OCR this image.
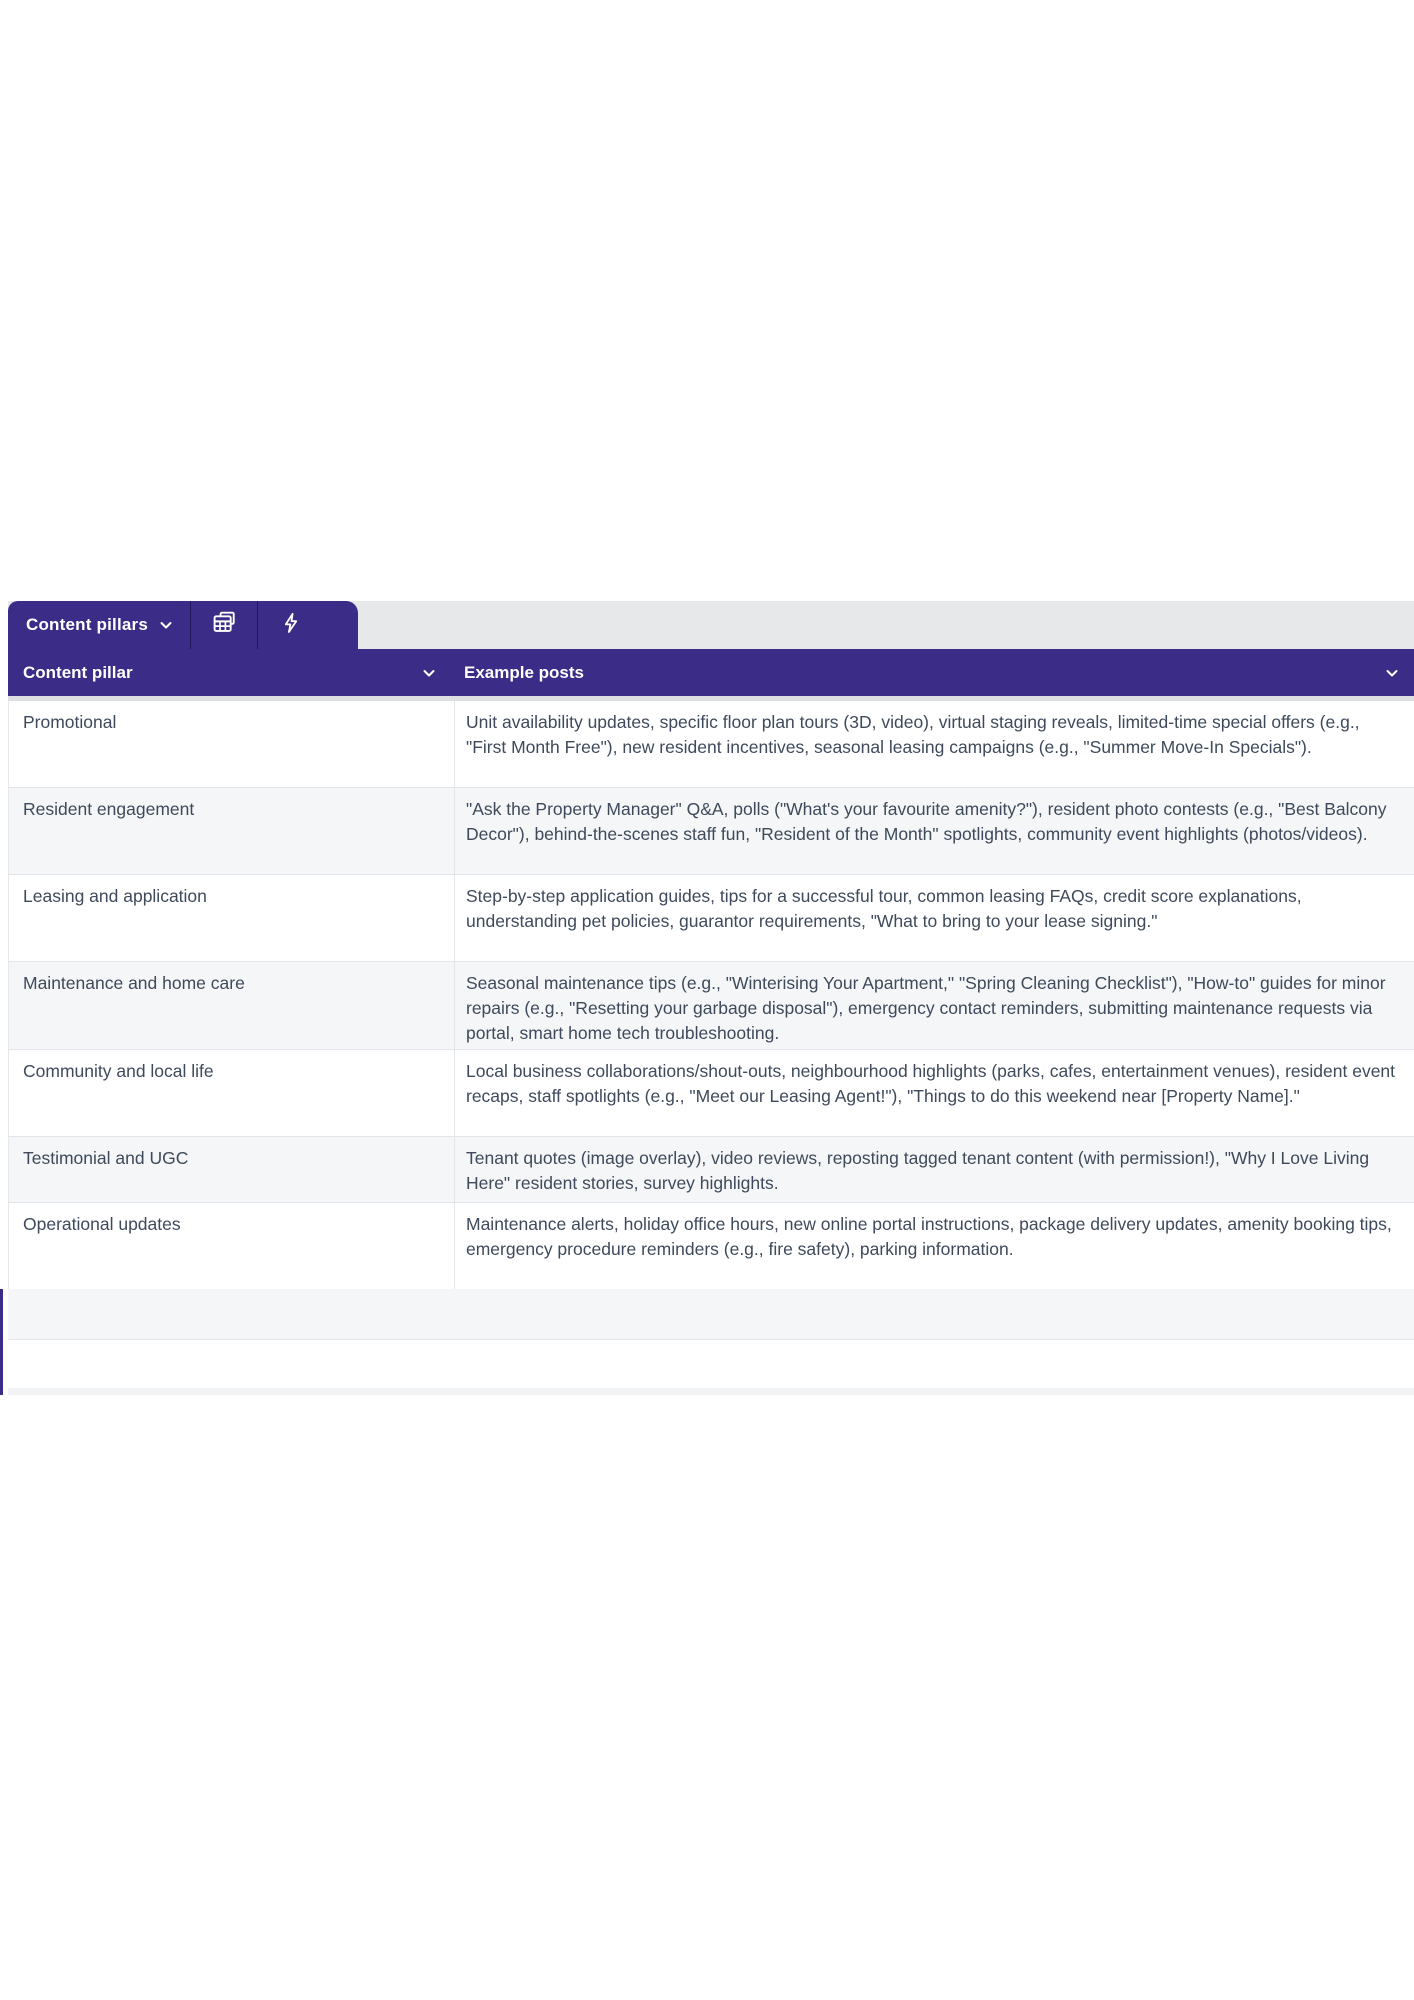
Content pillars
Content pillar	Example posts
Promotional	Unit availability updates, specific floor plan tours (3D, video), virtual staging reveals, limited-time special offers (e.g., "First Month Free"), new resident incentives, seasonal leasing campaigns (e.g., "Summer Move-In Specials").
Resident engagement	"Ask the Property Manager" Q&A, polls ("What's your favourite amenity?"), resident photo contests (e.g., "Best Balcony Decor"), behind-the-scenes staff fun, "Resident of the Month" spotlights, community event highlights (photos/videos).
Leasing and application	Step-by-step application guides, tips for a successful tour, common leasing FAQs, credit score explanations, understanding pet policies, guarantor requirements, "What to bring to your lease signing."
Maintenance and home care	Seasonal maintenance tips (e.g., "Winterising Your Apartment," "Spring Cleaning Checklist"), "How-to" guides for minor repairs (e.g., "Resetting your garbage disposal"), emergency contact reminders, submitting maintenance requests via portal, smart home tech troubleshooting.
Community and local life	Local business collaborations/shout-outs, neighbourhood highlights (parks, cafes, entertainment venues), resident event recaps, staff spotlights (e.g., "Meet our Leasing Agent!"), "Things to do this weekend near [Property Name]."
Testimonial and UGC	Tenant quotes (image overlay), video reviews, reposting tagged tenant content (with permission!), "Why I Love Living Here" resident stories, survey highlights.
Operational updates	Maintenance alerts, holiday office hours, new online portal instructions, package delivery updates, amenity booking tips, emergency procedure reminders (e.g., fire safety), parking information.
